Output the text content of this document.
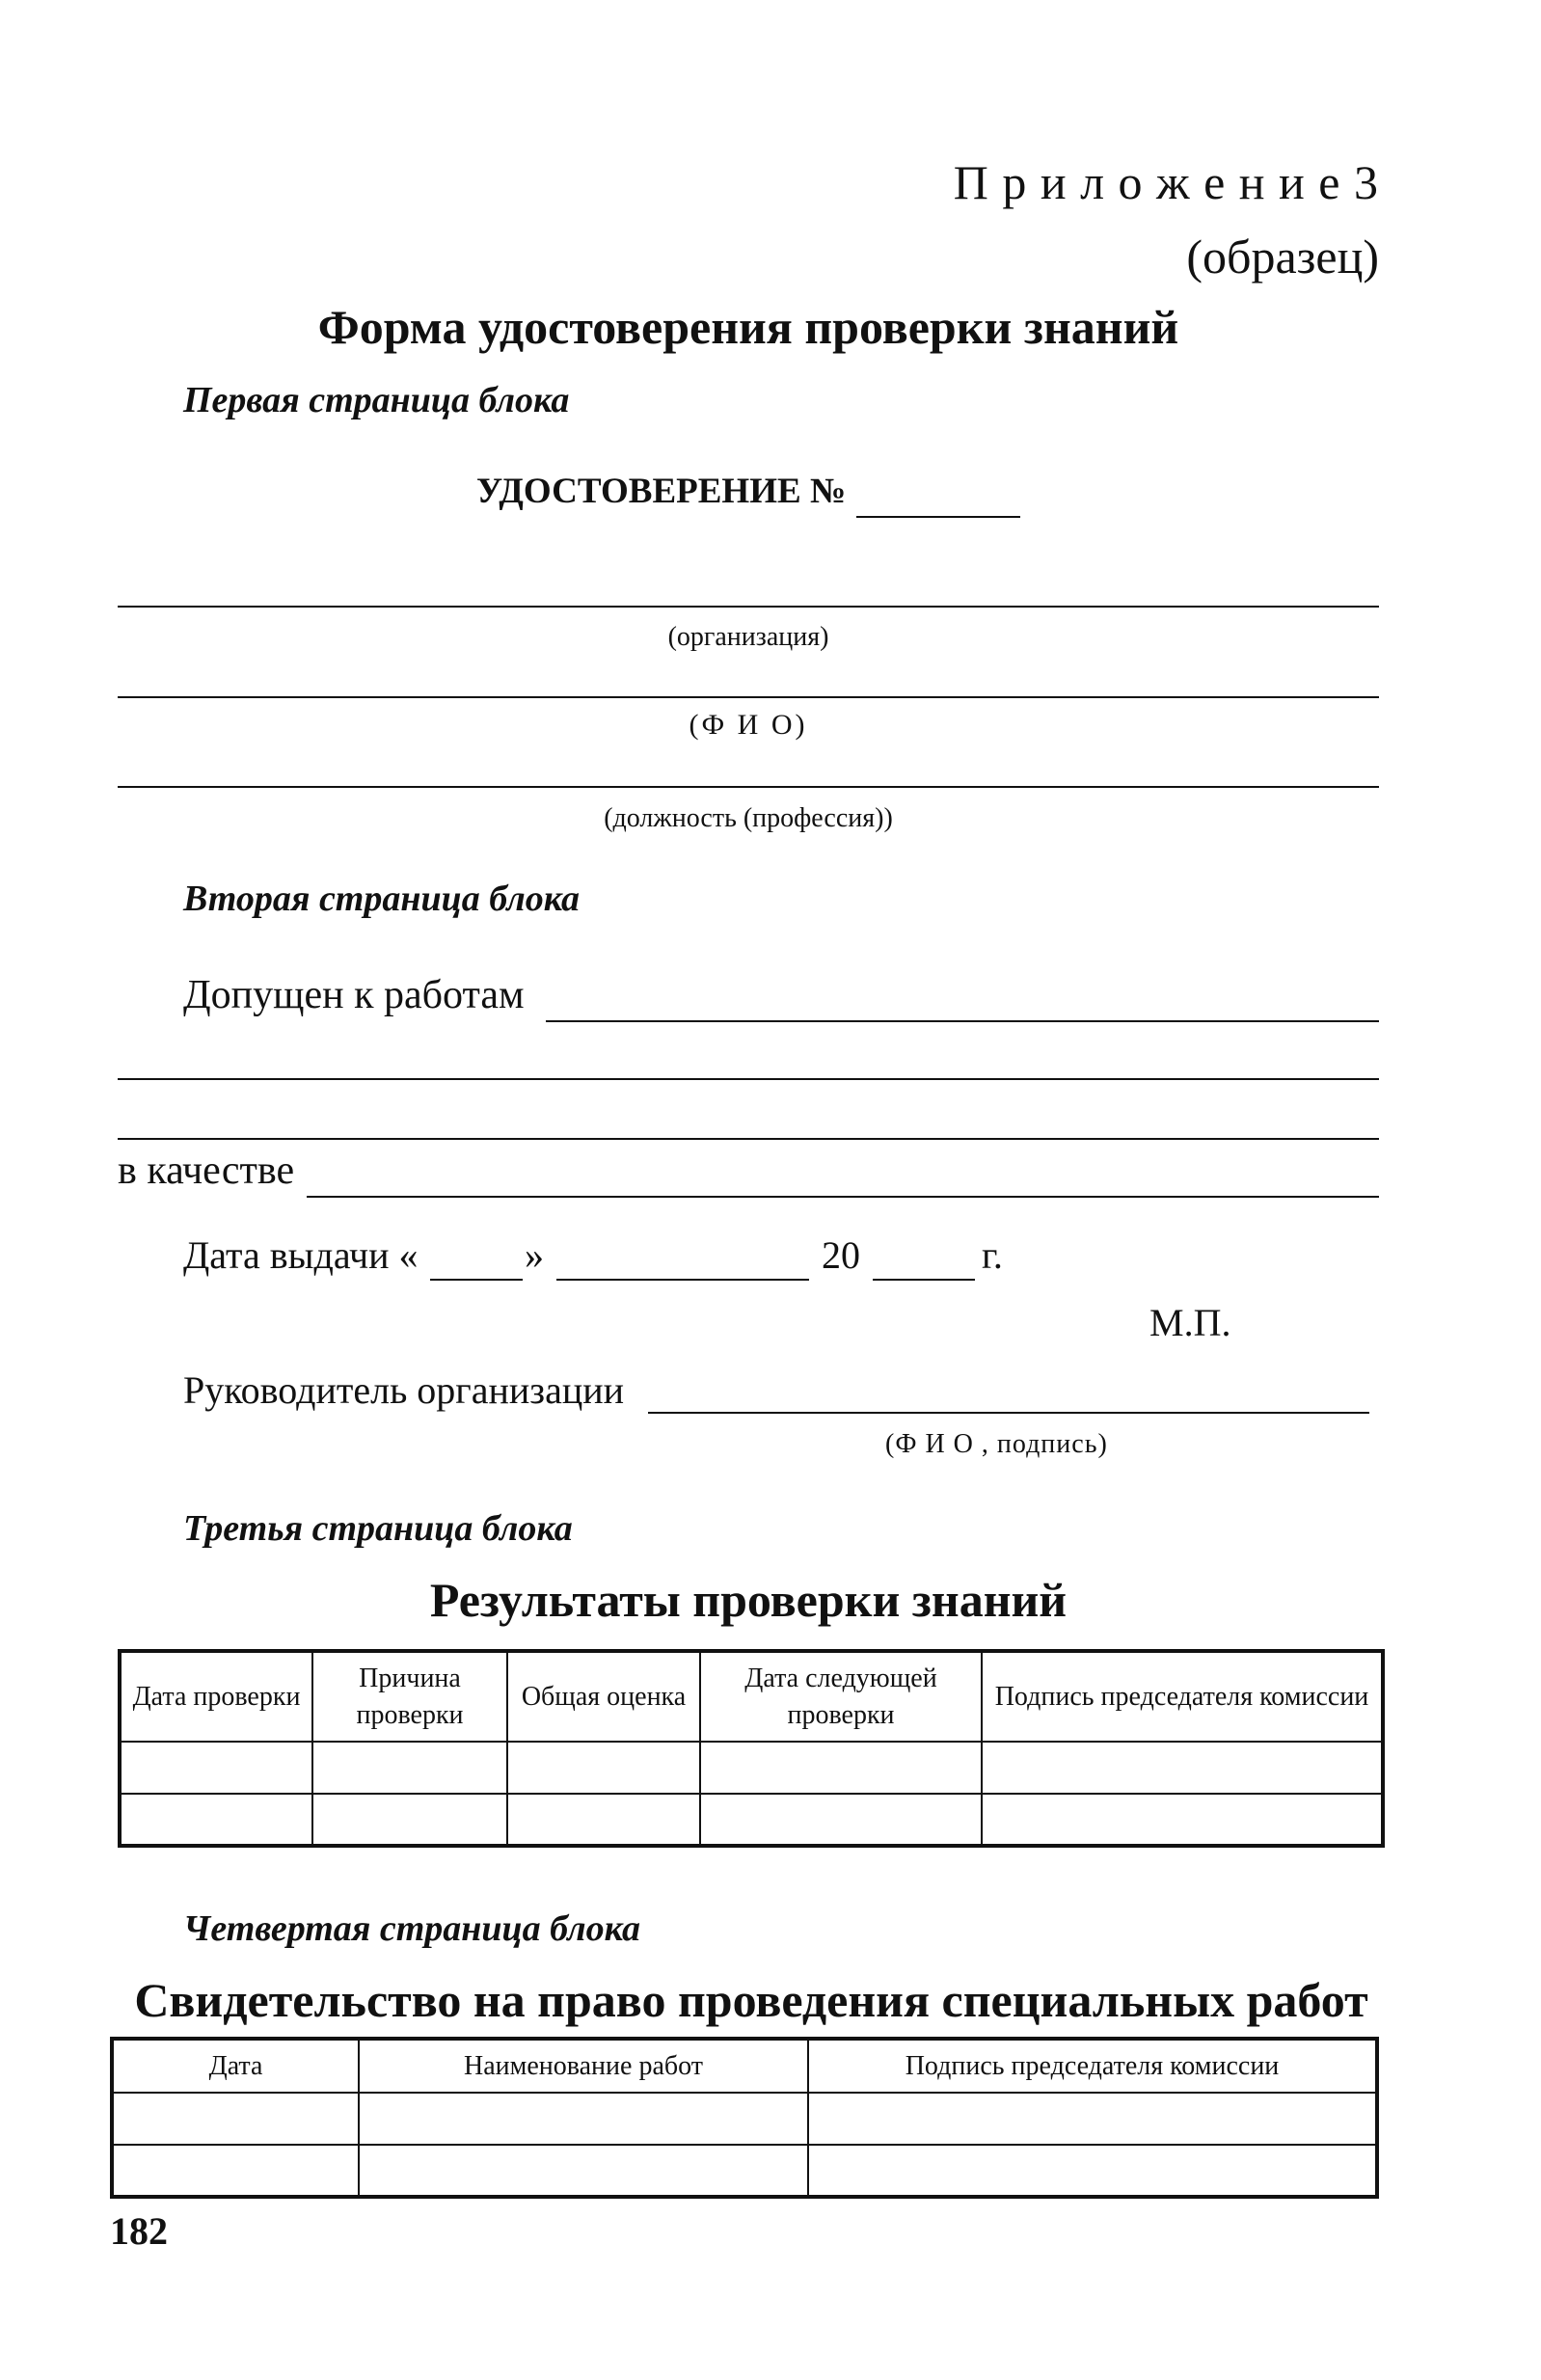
П р и л о ж е н и е 3
(образец)
Форма удостоверения проверки знаний
Первая страница блока
УДОСТОВЕРЕНИЕ №
(организация)
(Ф И О)
(должность (профессия))
Вторая страница блока
Допущен к работам
в качестве
Дата выдачи «	»	20	г.
М.П.
Руководитель организации
(Ф И О , подпись)
Третья страница блока
Результаты проверки знаний
Дата проверки	Причина проверки	Общая оценка	Дата следующей проверки	Подпись председателя комиссии

Четвертая страница блока
Свидетельство на право проведения специальных работ
Дата	Наименование работ	Подпись председателя комиссии

182
